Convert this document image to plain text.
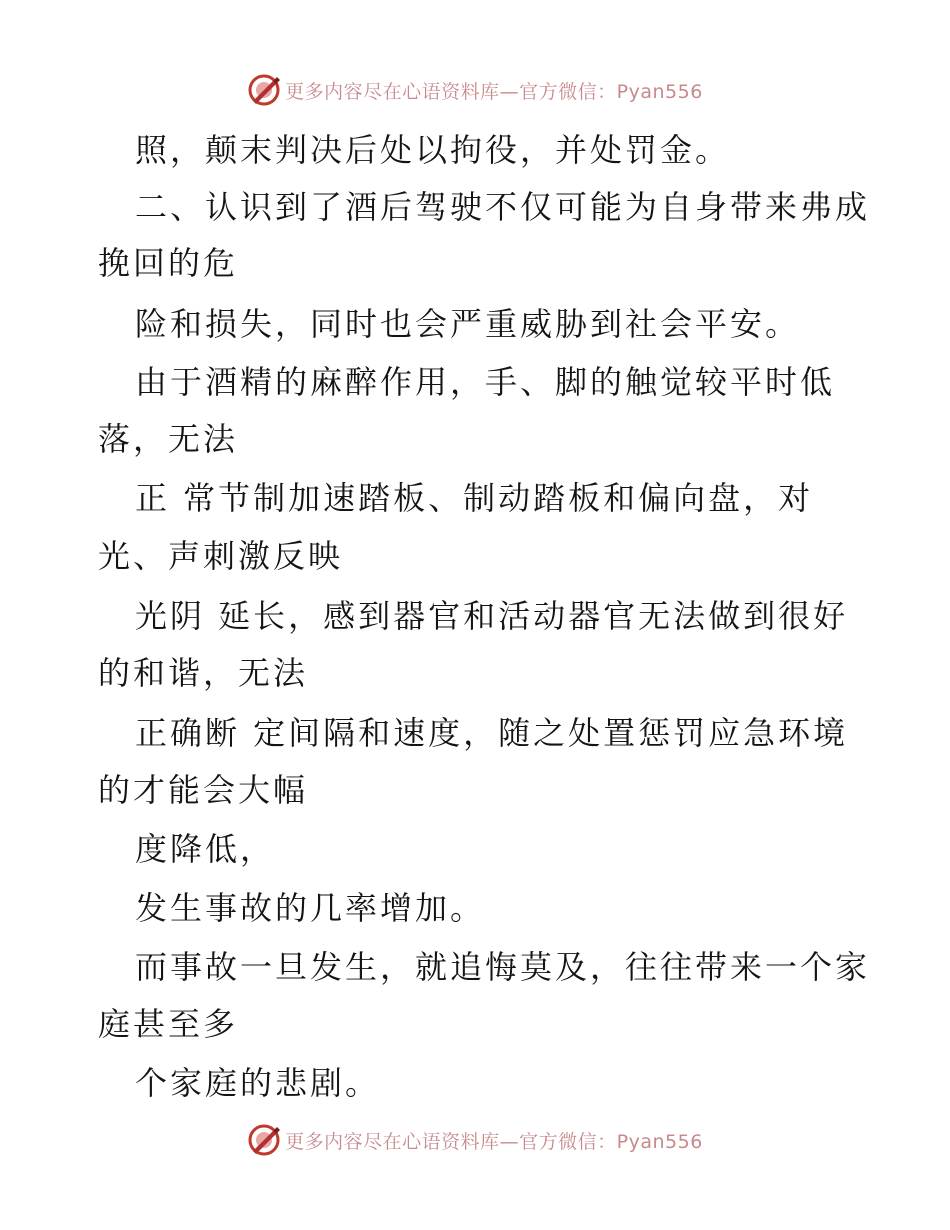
更多内容尽在心语资料库—官方微信：Pyan556
照，颠末判决后处以拘役，并处罚金。
二、认识到了酒后驾驶不仅可能为自身带来弗成
挽回的危
险和损失，同时也会严重威胁到社会平安。
由于酒精的麻醉作用，手、脚的触觉较平时低
落，无法
正 常节制加速踏板、制动踏板和偏向盘，对
光、声刺激反映
光阴 延长，感到器官和活动器官无法做到很好
的和谐，无法
正确断 定间隔和速度，随之处置惩罚应急环境
的才能会大幅
度降低，
发生事故的几率增加。
而事故一旦发生，就追悔莫及，往往带来一个家
庭甚至多
个家庭的悲剧。
更多内容尽在心语资料库—官方微信：Pyan556
